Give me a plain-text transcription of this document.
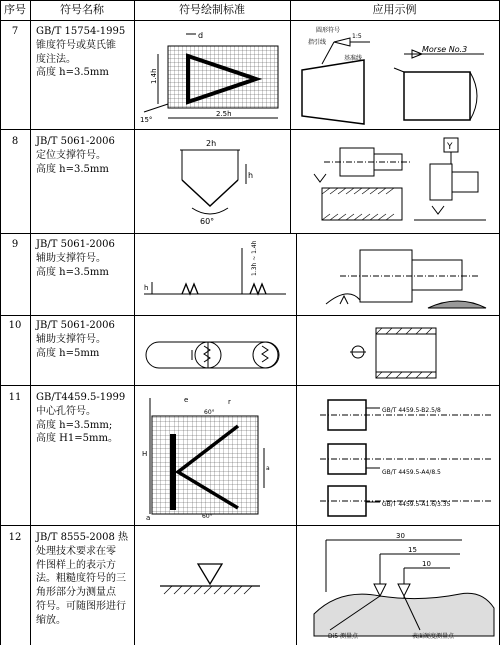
序号	符号名称	符号绘制标准	应用示例
7	GB/T 15754-1995
锥度符号或莫氏锥
度注法。
高度 h=3.5mm
8	JB/T 5061-2006
定位支撑符号。
高度 h=3.5mm
9	JB/T 5061-2006
辅助支撑符号。
高度 h=3.5mm
10	JB/T 5061-2006
辅助支撑符号。
高度 h=5mm
11	GB/T4459.5-1999
中心孔符号。
高度 h=3.5mm;
高度 H1=5mm。
12	JB/T 8555-2008 热
处理技术要求在零
件图样上的表示方
法。粗糙度符号的三
角形部分为测量点
符号。可随图形进行
缩放。
d
1.4h
15°
2.5h
圆形符号
指引线
1:5
基准线
Morse No.3
2h
h
60°
Y
h
1.3h ~ 1.4h
H
a
e
60°
r
60°
a
GB/T 4459.5-B2.5/8
GB/T 4459.5-A4/8.5
GB/T 4459.5-A1.6/3.35
30
15
10
Di5 测量点	表面硬度测量点
